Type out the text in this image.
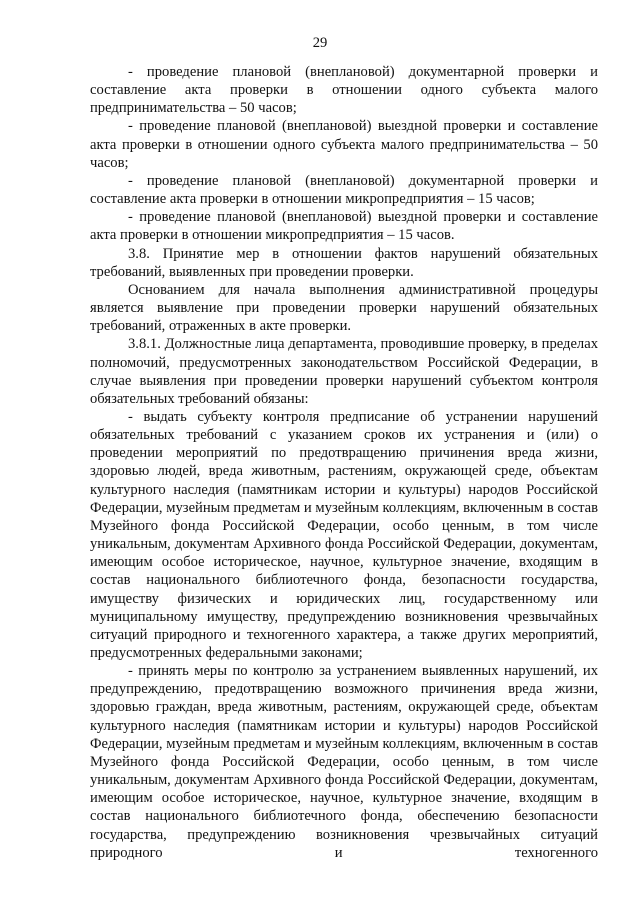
29

- проведение плановой (внеплановой) документарной проверки и составление акта проверки в отношении одного субъекта малого предпринимательства – 50 часов;

- проведение плановой (внеплановой) выездной проверки и составление акта проверки в отношении одного субъекта малого предпринимательства – 50 часов;

- проведение плановой (внеплановой) документарной проверки и составление акта проверки в отношении микропредприятия – 15 часов;

- проведение плановой (внеплановой) выездной проверки и составление акта проверки в отношении микропредприятия – 15 часов.

3.8. Принятие мер в отношении фактов нарушений обязательных требований, выявленных при проведении проверки.

Основанием для начала выполнения административной процедуры является выявление при проведении проверки нарушений обязательных требований, отраженных в акте проверки.

3.8.1. Должностные лица департамента, проводившие проверку, в пределах полномочий, предусмотренных законодательством Российской Федерации, в случае выявления при проведении проверки нарушений субъектом контроля обязательных требований обязаны:

- выдать субъекту контроля предписание об устранении нарушений обязательных требований с указанием сроков их устранения и (или) о проведении мероприятий по предотвращению причинения вреда жизни, здоровью людей, вреда животным, растениям, окружающей среде, объектам культурного наследия (памятникам истории и культуры) народов Российской Федерации, музейным предметам и музейным коллекциям, включенным в состав Музейного фонда Российской Федерации, особо ценным, в том числе уникальным, документам Архивного фонда Российской Федерации, документам, имеющим особое историческое, научное, культурное значение, входящим в состав национального библиотечного фонда, безопасности государства, имуществу физических и юридических лиц, государственному или муниципальному имуществу, предупреждению возникновения чрезвычайных ситуаций природного и техногенного характера, а также других мероприятий, предусмотренных федеральными законами;

- принять меры по контролю за устранением выявленных нарушений, их предупреждению, предотвращению возможного причинения вреда жизни, здоровью граждан, вреда животным, растениям, окружающей среде, объектам культурного наследия (памятникам истории и культуры) народов Российской Федерации, музейным предметам и музейным коллекциям, включенным в состав Музейного фонда Российской Федерации, особо ценным, в том числе уникальным, документам Архивного фонда Российской Федерации, документам, имеющим особое историческое, научное, культурное значение, входящим в состав национального библиотечного фонда, обеспечению безопасности государства, предупреждению возникновения чрезвычайных ситуаций природного и техногенного
